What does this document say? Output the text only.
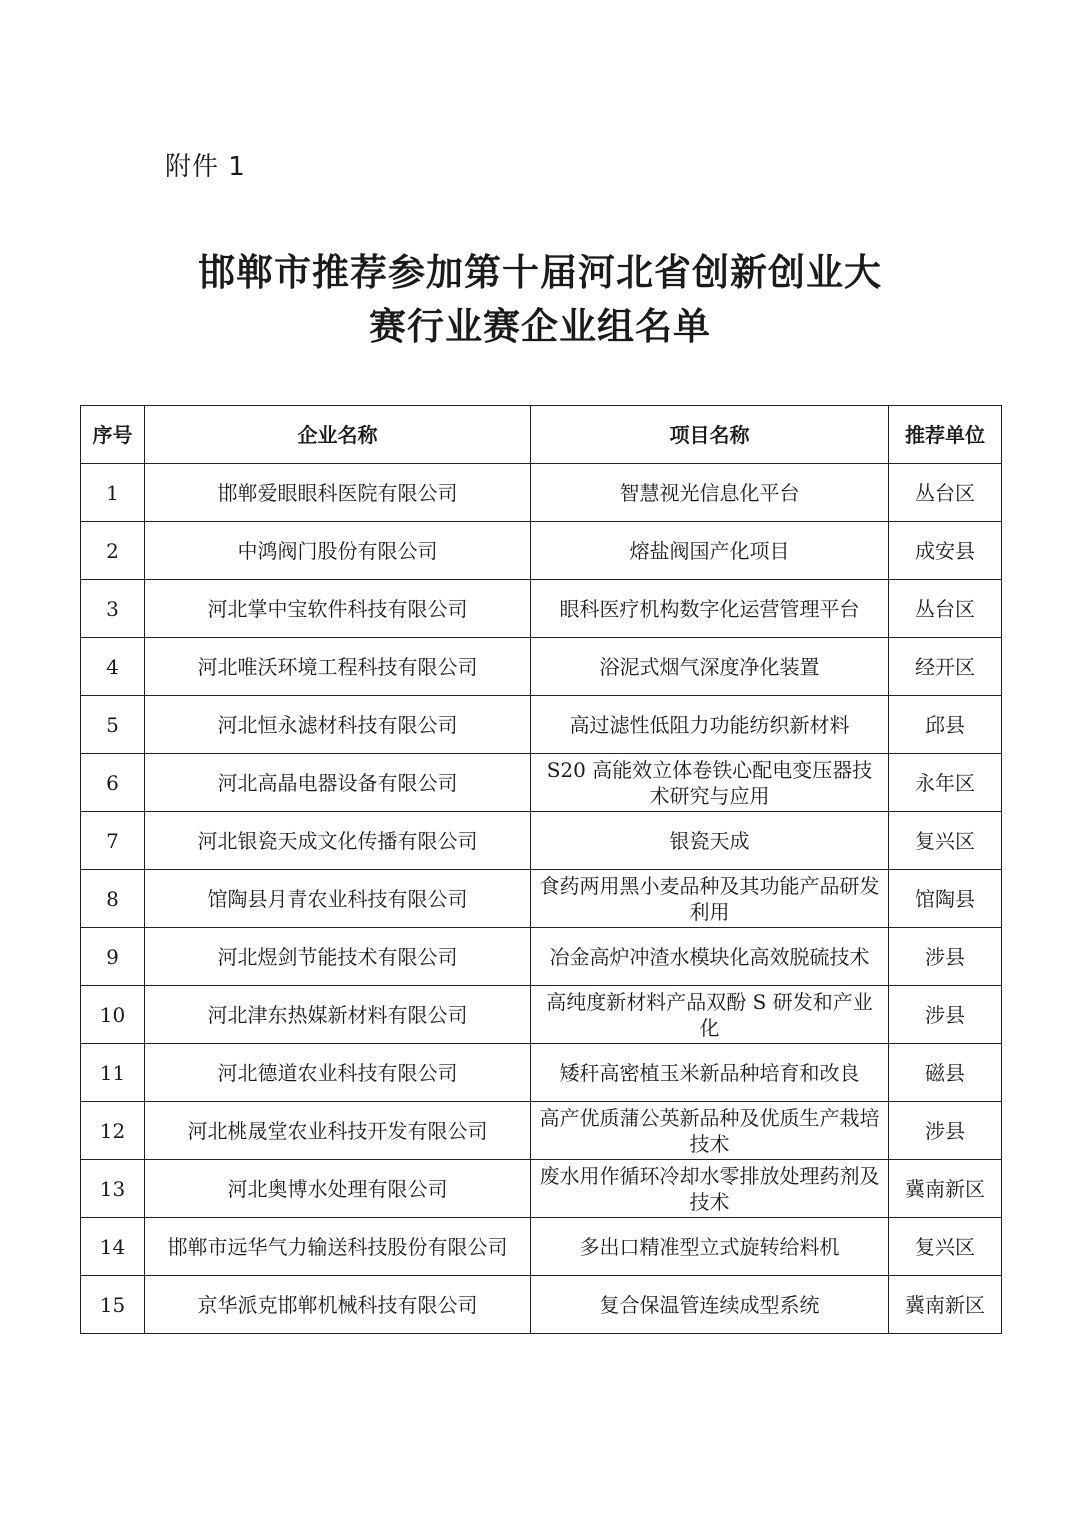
附件 1
邯郸市推荐参加第十届河北省创新创业大
赛行业赛企业组名单
序号	企业名称	项目名称	推荐单位
1	邯郸爱眼眼科医院有限公司	智慧视光信息化平台	丛台区
2	中鸿阀门股份有限公司	熔盐阀国产化项目	成安县
3	河北掌中宝软件科技有限公司	眼科医疗机构数字化运营管理平台	丛台区
4	河北唯沃环境工程科技有限公司	浴泥式烟气深度净化装置	经开区
5	河北恒永滤材科技有限公司	高过滤性低阻力功能纺织新材料	邱县
6	河北高晶电器设备有限公司	S20 高能效立体卷铁心配电变压器技术研究与应用	永年区
7	河北银瓷天成文化传播有限公司	银瓷天成	复兴区
8	馆陶县月青农业科技有限公司	食药两用黑小麦品种及其功能产品研发利用	馆陶县
9	河北煜剑节能技术有限公司	冶金高炉冲渣水模块化高效脱硫技术	涉县
10	河北津东热媒新材料有限公司	高纯度新材料产品双酚 S 研发和产业化	涉县
11	河北德道农业科技有限公司	矮秆高密植玉米新品种培育和改良	磁县
12	河北桃晟堂农业科技开发有限公司	高产优质蒲公英新品种及优质生产栽培技术	涉县
13	河北奥博水处理有限公司	废水用作循环冷却水零排放处理药剂及技术	冀南新区
14	邯郸市远华气力输送科技股份有限公司	多出口精准型立式旋转给料机	复兴区
15	京华派克邯郸机械科技有限公司	复合保温管连续成型系统	冀南新区
